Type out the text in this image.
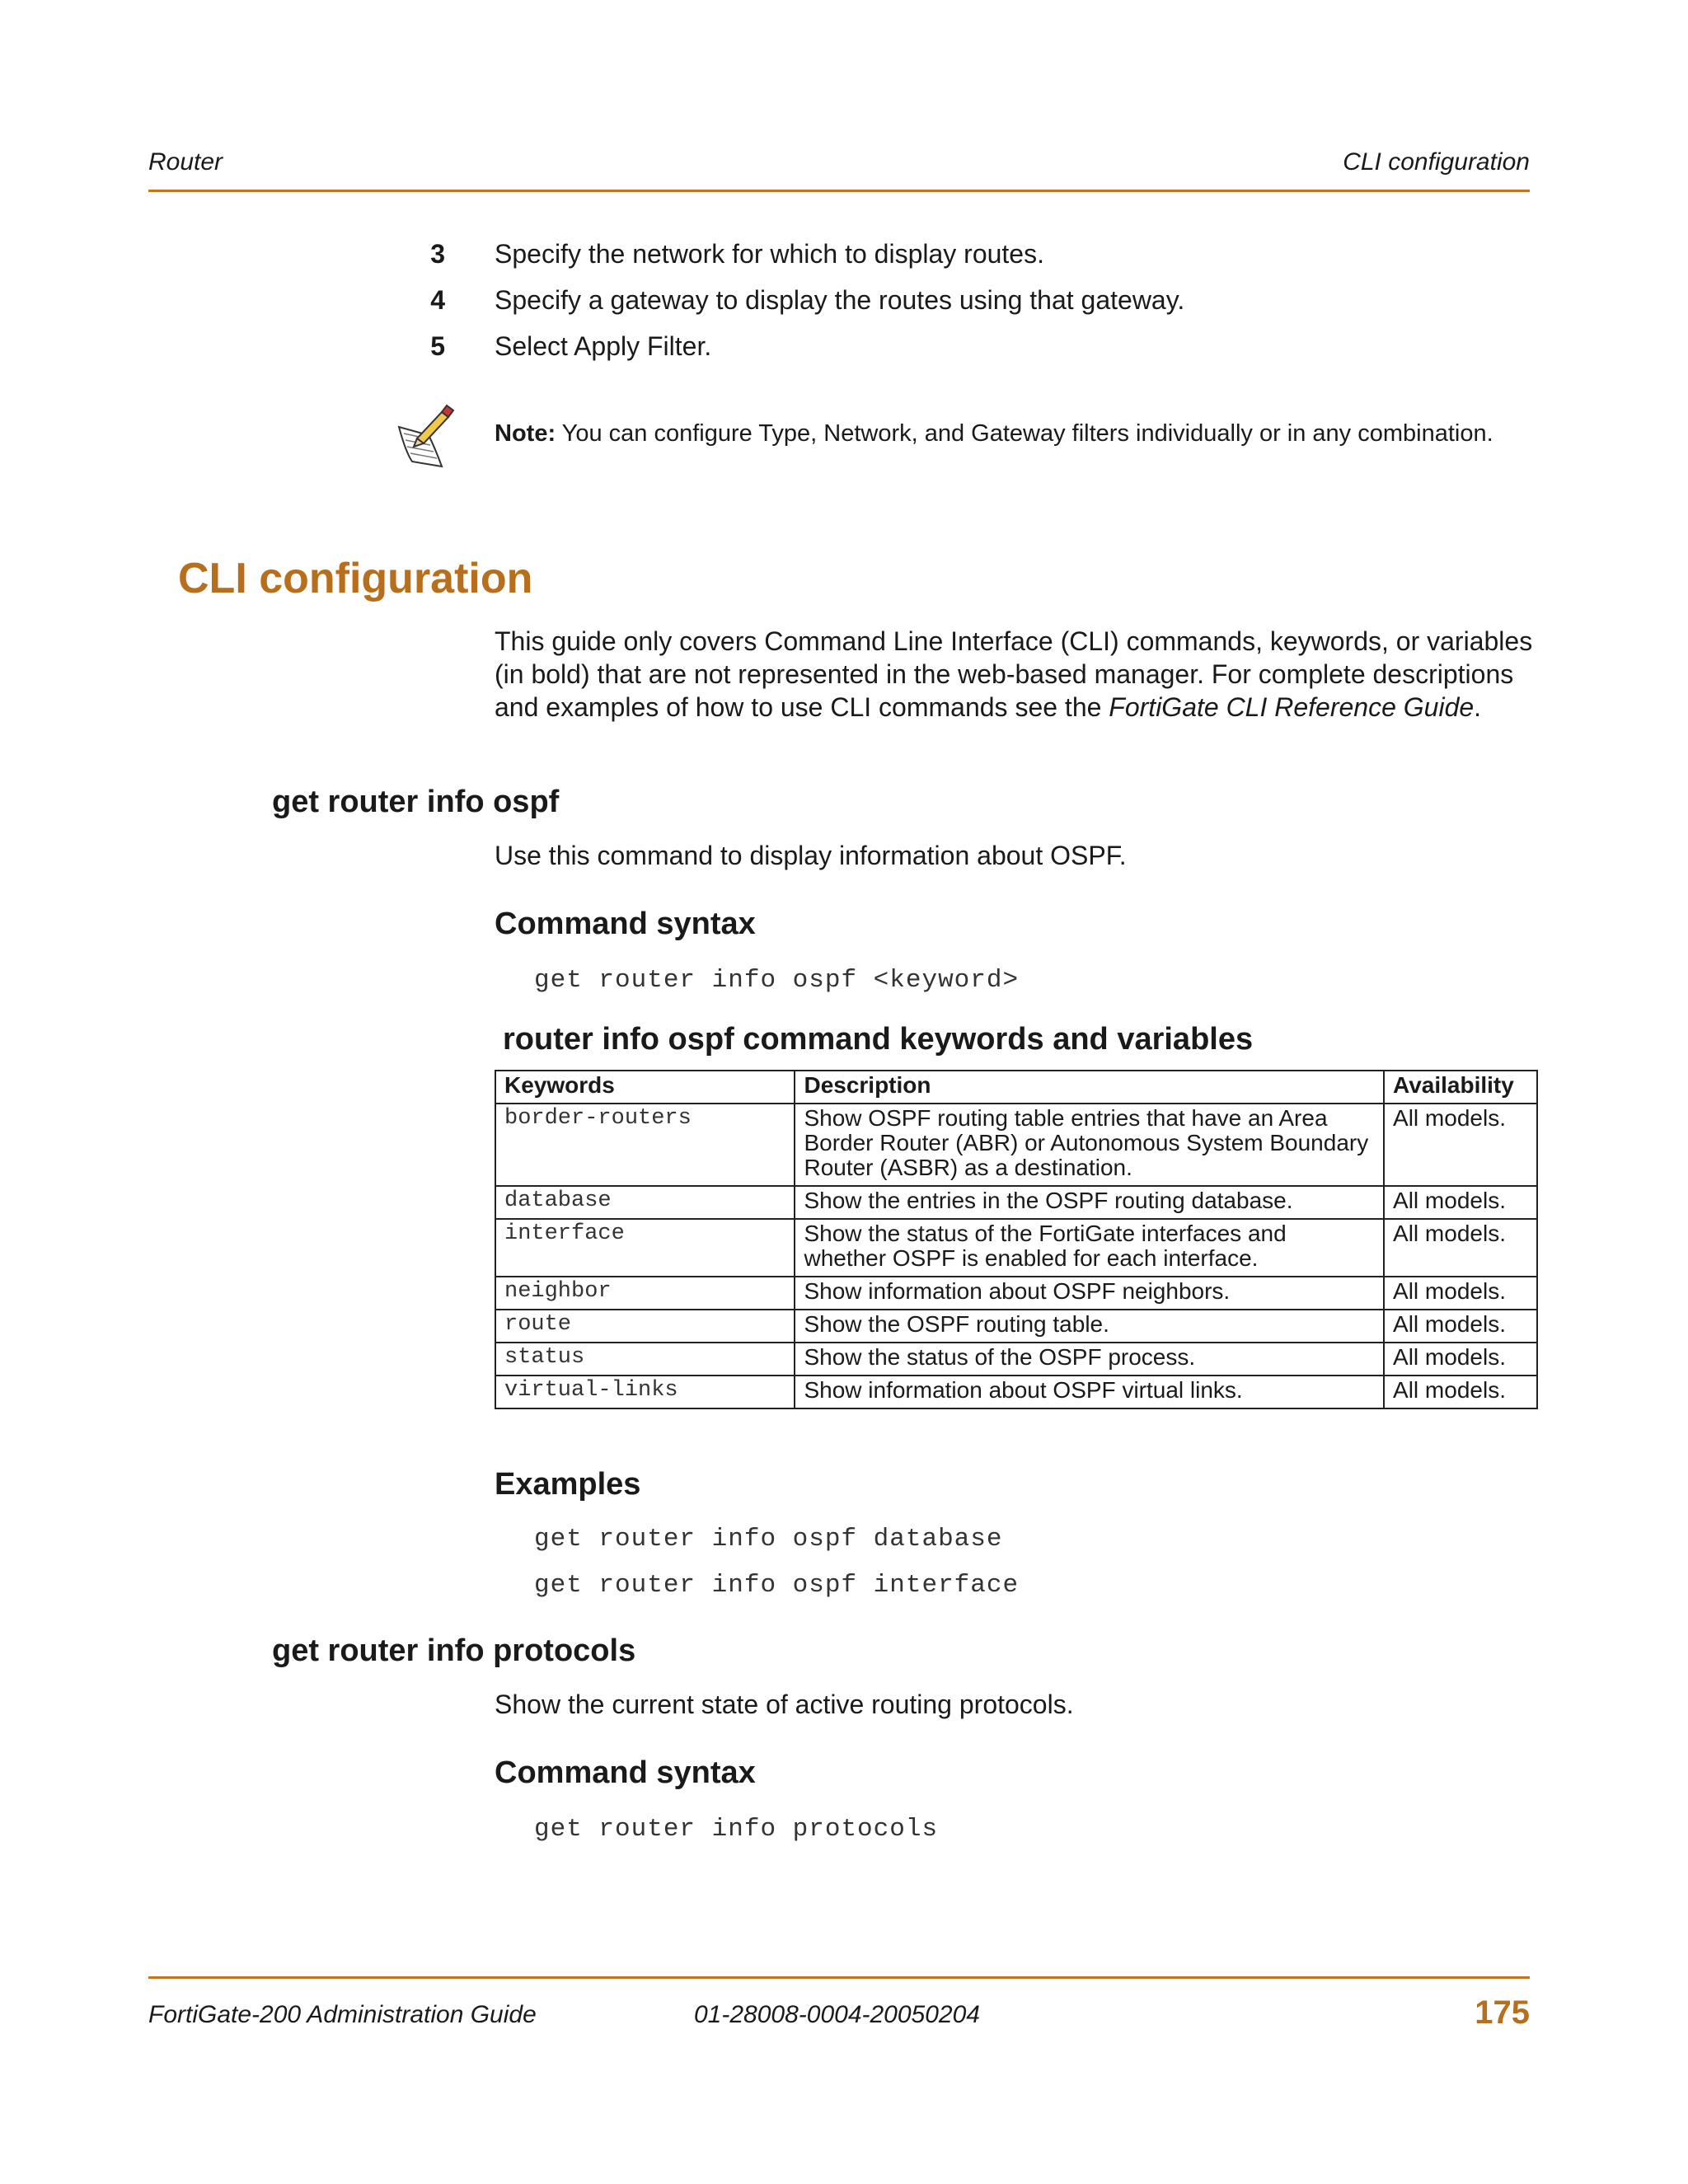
Router	CLI configuration
3 Specify the network for which to display routes.
4 Specify a gateway to display the routes using that gateway.
5 Select Apply Filter.
Note: You can configure Type, Network, and Gateway filters individually or in any combination.
CLI configuration
This guide only covers Command Line Interface (CLI) commands, keywords, or variables (in bold) that are not represented in the web-based manager. For complete descriptions and examples of how to use CLI commands see the FortiGate CLI Reference Guide.
get router info ospf
Use this command to display information about OSPF.
Command syntax
get router info ospf <keyword>
router info ospf command keywords and variables
Keywords	Description	Availability
border-routers	Show OSPF routing table entries that have an Area Border Router (ABR) or Autonomous System Boundary Router (ASBR) as a destination.	All models.
database	Show the entries in the OSPF routing database.	All models.
interface	Show the status of the FortiGate interfaces and whether OSPF is enabled for each interface.	All models.
neighbor	Show information about OSPF neighbors.	All models.
route	Show the OSPF routing table.	All models.
status	Show the status of the OSPF process.	All models.
virtual-links	Show information about OSPF virtual links.	All models.
Examples
get router info ospf database
get router info ospf interface
get router info protocols
Show the current state of active routing protocols.
Command syntax
get router info protocols
FortiGate-200 Administration Guide	01-28008-0004-20050204	175
